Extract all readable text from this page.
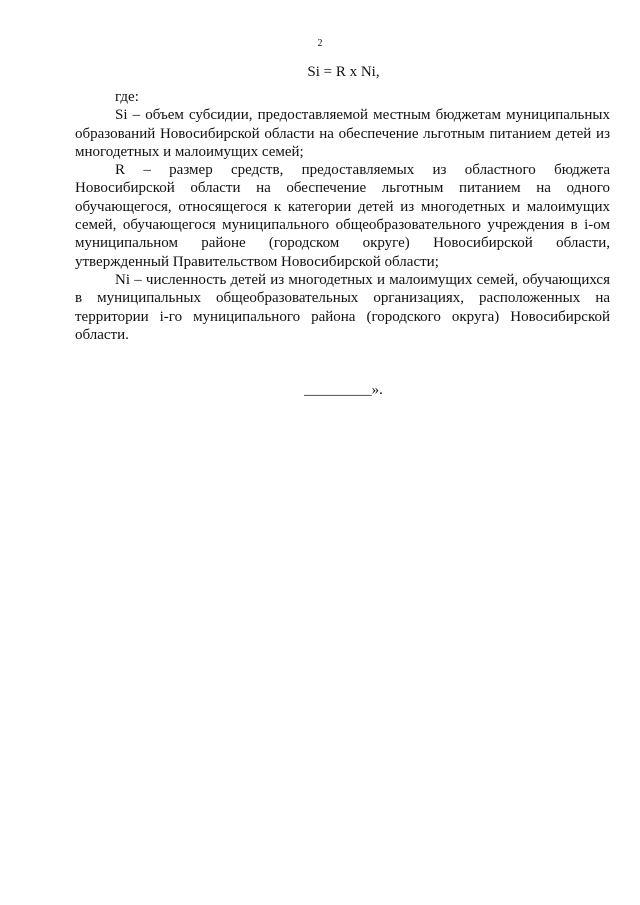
2
Si = R x Ni,

где:

Si – объем субсидии, предоставляемой местным бюджетам муниципальных образований Новосибирской области на обеспечение льготным питанием детей из многодетных и малоимущих семей;

R – размер средств, предоставляемых из областного бюджета Новосибирской области на обеспечение льготным питанием на одного обучающегося, относящегося к категории детей из многодетных и малоимущих семей, обучающегося муниципального общеобразовательного учреждения в i-ом муниципальном районе (городском округе) Новосибирской области, утвержденный Правительством Новосибирской области;

Ni – численность детей из многодетных и малоимущих семей, обучающихся в муниципальных общеобразовательных организациях, расположенных на территории i-го муниципального района (городского округа) Новосибирской области.

_________».
